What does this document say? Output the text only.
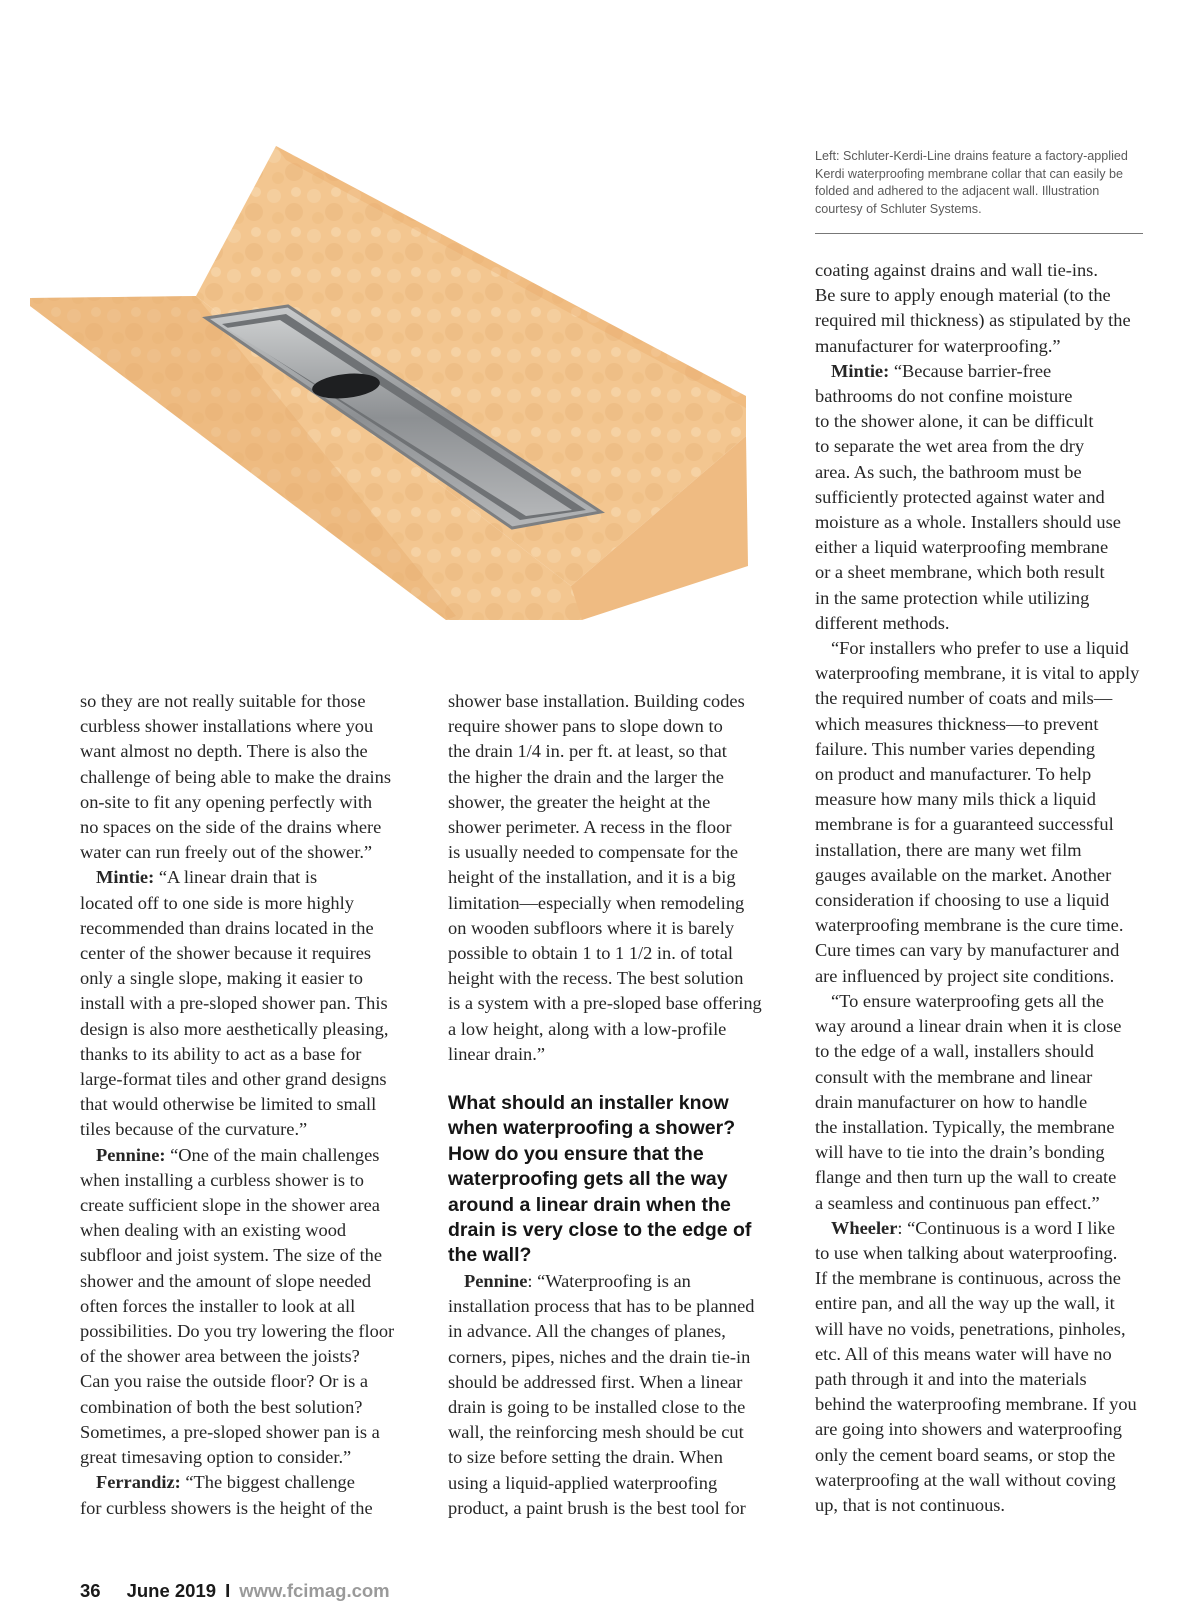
Left: Schluter-Kerdi-Line drains feature a factory-applied Kerdi waterproofing membrane collar that can easily be folded and adhered to the adjacent wall. Illustration courtesy of Schluter Systems.

so they are not really suitable for those

curbless shower installations where you

want almost no depth. There is also the

challenge of being able to make the drains

on-site to fit any opening perfectly with

no spaces on the side of the drains where

water can run freely out of the shower.”

Mintie: “A linear drain that is

located off to one side is more highly

recommended than drains located in the

center of the shower because it requires

only a single slope, making it easier to

install with a pre-sloped shower pan. This

design is also more aesthetically pleasing,

thanks to its ability to act as a base for

large-format tiles and other grand designs

that would otherwise be limited to small

tiles because of the curvature.”

Pennine: “One of the main challenges

when installing a curbless shower is to

create sufficient slope in the shower area

when dealing with an existing wood

subfloor and joist system. The size of the

shower and the amount of slope needed

often forces the installer to look at all

possibilities. Do you try lowering the floor

of the shower area between the joists?

Can you raise the outside floor? Or is a

combination of both the best solution?

Sometimes, a pre-sloped shower pan is a

great timesaving option to consider.”

Ferrandiz: “The biggest challenge

for curbless showers is the height of the

shower base installation. Building codes

require shower pans to slope down to

the drain 1/4 in. per ft. at least, so that

the higher the drain and the larger the

shower, the greater the height at the

shower perimeter. A recess in the floor

is usually needed to compensate for the

height of the installation, and it is a big

limitation—especially when remodeling

on wooden subfloors where it is barely

possible to obtain 1 to 1 1/2 in. of total

height with the recess. The best solution

is a system with a pre-sloped base offering

a low height, along with a low-profile

linear drain.”

What should an installer know
when waterproofing a shower?
How do you ensure that the
waterproofing gets all the way
around a linear drain when the
drain is very close to the edge of
the wall?

Pennine: “Waterproofing is an

installation process that has to be planned

in advance. All the changes of planes,

corners, pipes, niches and the drain tie-in

should be addressed first. When a linear

drain is going to be installed close to the

wall, the reinforcing mesh should be cut

to size before setting the drain. When

using a liquid-applied waterproofing

product, a paint brush is the best tool for

coating against drains and wall tie-ins.

Be sure to apply enough material (to the

required mil thickness) as stipulated by the

manufacturer for waterproofing.”

Mintie: “Because barrier-free

bathrooms do not confine moisture

to the shower alone, it can be difficult

to separate the wet area from the dry

area. As such, the bathroom must be

sufficiently protected against water and

moisture as a whole. Installers should use

either a liquid waterproofing membrane

or a sheet membrane, which both result

in the same protection while utilizing

different methods.

“For installers who prefer to use a liquid

waterproofing membrane, it is vital to apply

the required number of coats and mils—

which measures thickness—to prevent

failure. This number varies depending

on product and manufacturer. To help

measure how many mils thick a liquid

membrane is for a guaranteed successful

installation, there are many wet film

gauges available on the market. Another

consideration if choosing to use a liquid

waterproofing membrane is the cure time.

Cure times can vary by manufacturer and

are influenced by project site conditions.

“To ensure waterproofing gets all the

way around a linear drain when it is close

to the edge of a wall, installers should

consult with the membrane and linear

drain manufacturer on how to handle

the installation. Typically, the membrane

will have to tie into the drain’s bonding

flange and then turn up the wall to create

a seamless and continuous pan effect.”

Wheeler: “Continuous is a word I like

to use when talking about waterproofing.

If the membrane is continuous, across the

entire pan, and all the way up the wall, it

will have no voids, penetrations, pinholes,

etc. All of this means water will have no

path through it and into the materials

behind the waterproofing membrane. If you

are going into showers and waterproofing

only the cement board seams, or stop the

waterproofing at the wall without coving

up, that is not continuous.

36 June 2019 I www.fcimag.com
